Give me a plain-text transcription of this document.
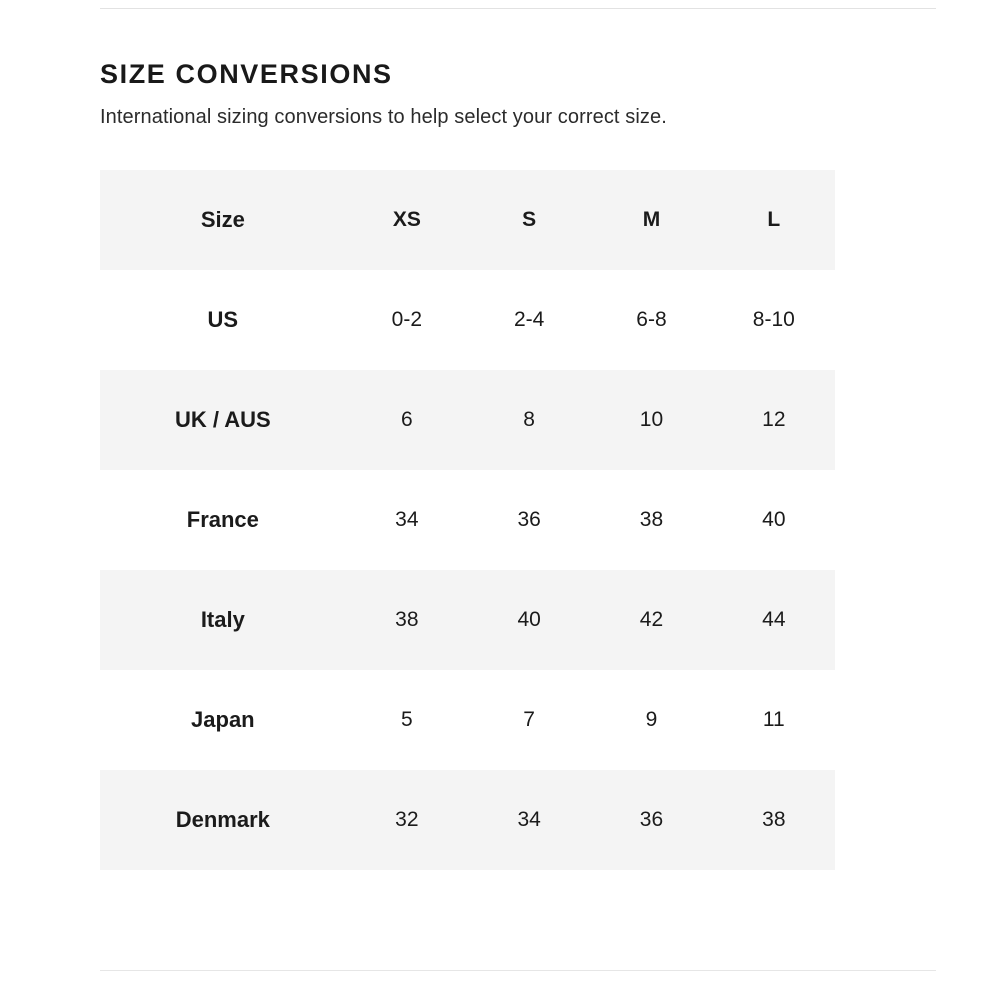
SIZE CONVERSIONS

International sizing conversions to help select your correct size.

Size	XS	S	M	L
US	0-2	2-4	6-8	8-10
UK / AUS	6	8	10	12
France	34	36	38	40
Italy	38	40	42	44
Japan	5	7	9	11
Denmark	32	34	36	38
